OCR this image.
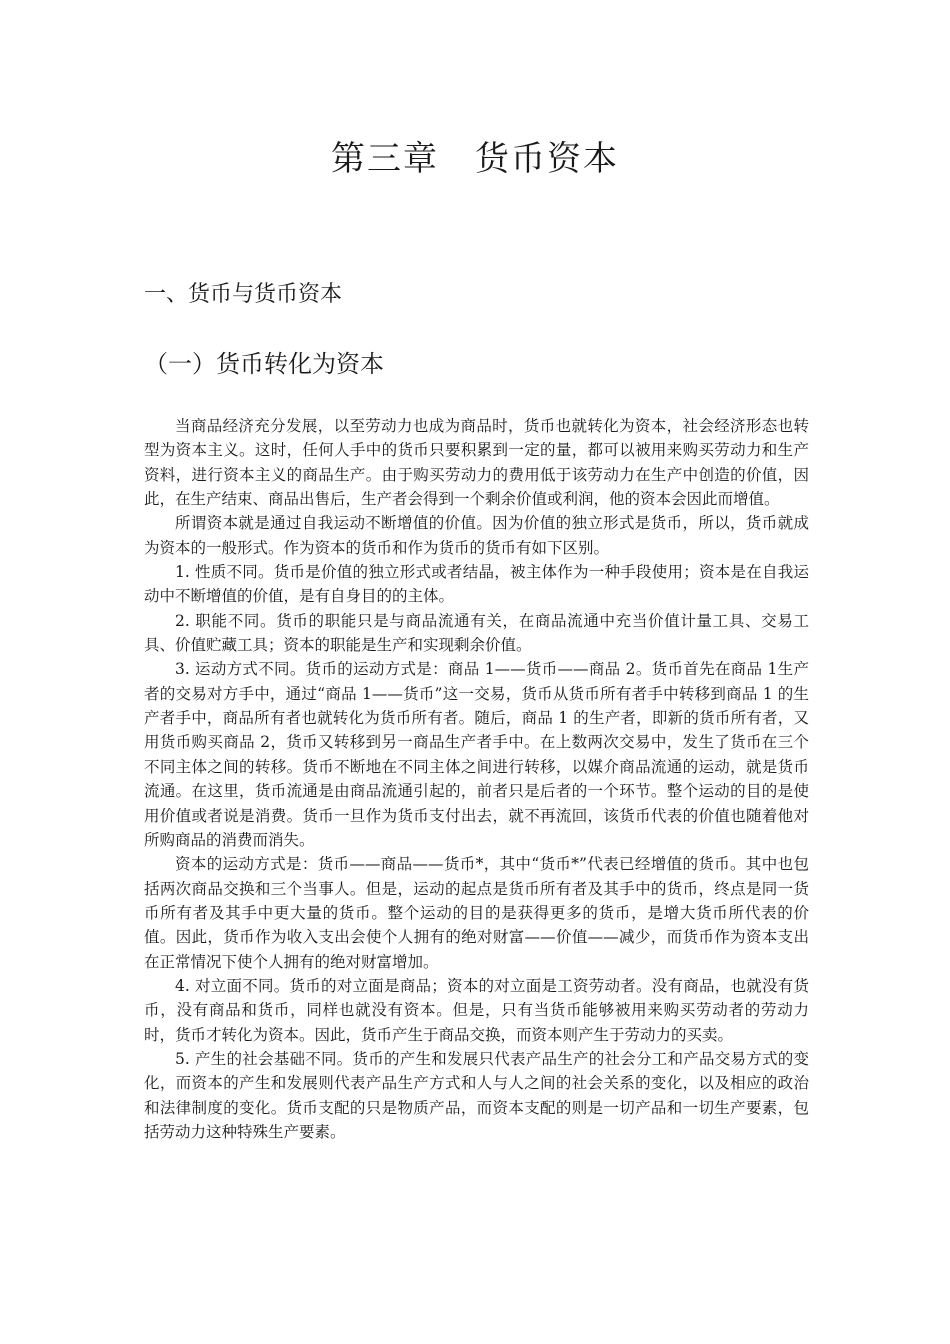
第三章　货币资本
一、货币与货币资本
（一）货币转化为资本

当商品经济充分发展，以至劳动力也成为商品时，货币也就转化为资本，社会经济形态也转型为资本主义。这时，任何人手中的货币只要积累到一定的量，都可以被用来购买劳动力和生产资料，进行资本主义的商品生产。由于购买劳动力的费用低于该劳动力在生产中创造的价值，因此，在生产结束、商品出售后，生产者会得到一个剩余价值或利润，他的资本会因此而增值。

所谓资本就是通过自我运动不断增值的价值。因为价值的独立形式是货币，所以，货币就成为资本的一般形式。作为资本的货币和作为货币的货币有如下区别。

1. 性质不同。货币是价值的独立形式或者结晶，被主体作为一种手段使用；资本是在自我运动中不断增值的价值，是有自身目的的主体。

2. 职能不同。货币的职能只是与商品流通有关，在商品流通中充当价值计量工具、交易工具、价值贮藏工具；资本的职能是生产和实现剩余价值。

3. 运动方式不同。货币的运动方式是：商品 1——货币——商品 2。货币首先在商品 1生产者的交易对方手中，通过“商品 1——货币”这一交易，货币从货币所有者手中转移到商品 1 的生产者手中，商品所有者也就转化为货币所有者。随后，商品 1 的生产者，即新的货币所有者，又用货币购买商品 2，货币又转移到另一商品生产者手中。在上数两次交易中，发生了货币在三个不同主体之间的转移。货币不断地在不同主体之间进行转移，以媒介商品流通的运动，就是货币流通。在这里，货币流通是由商品流通引起的，前者只是后者的一个环节。整个运动的目的是使用价值或者说是消费。货币一旦作为货币支付出去，就不再流回，该货币代表的价值也随着他对所购商品的消费而消失。

资本的运动方式是：货币——商品——货币*，其中“货币*”代表已经增值的货币。其中也包括两次商品交换和三个当事人。但是，运动的起点是货币所有者及其手中的货币，终点是同一货币所有者及其手中更大量的货币。整个运动的目的是获得更多的货币，是增大货币所代表的价值。因此，货币作为收入支出会使个人拥有的绝对财富——价值——减少，而货币作为资本支出在正常情况下使个人拥有的绝对财富增加。

4. 对立面不同。货币的对立面是商品；资本的对立面是工资劳动者。没有商品，也就没有货币，没有商品和货币，同样也就没有资本。但是，只有当货币能够被用来购买劳动者的劳动力时，货币才转化为资本。因此，货币产生于商品交换，而资本则产生于劳动力的买卖。

5. 产生的社会基础不同。货币的产生和发展只代表产品生产的社会分工和产品交易方式的变化，而资本的产生和发展则代表产品生产方式和人与人之间的社会关系的变化，以及相应的政治和法律制度的变化。货币支配的只是物质产品，而资本支配的则是一切产品和一切生产要素，包括劳动力这种特殊生产要素。
